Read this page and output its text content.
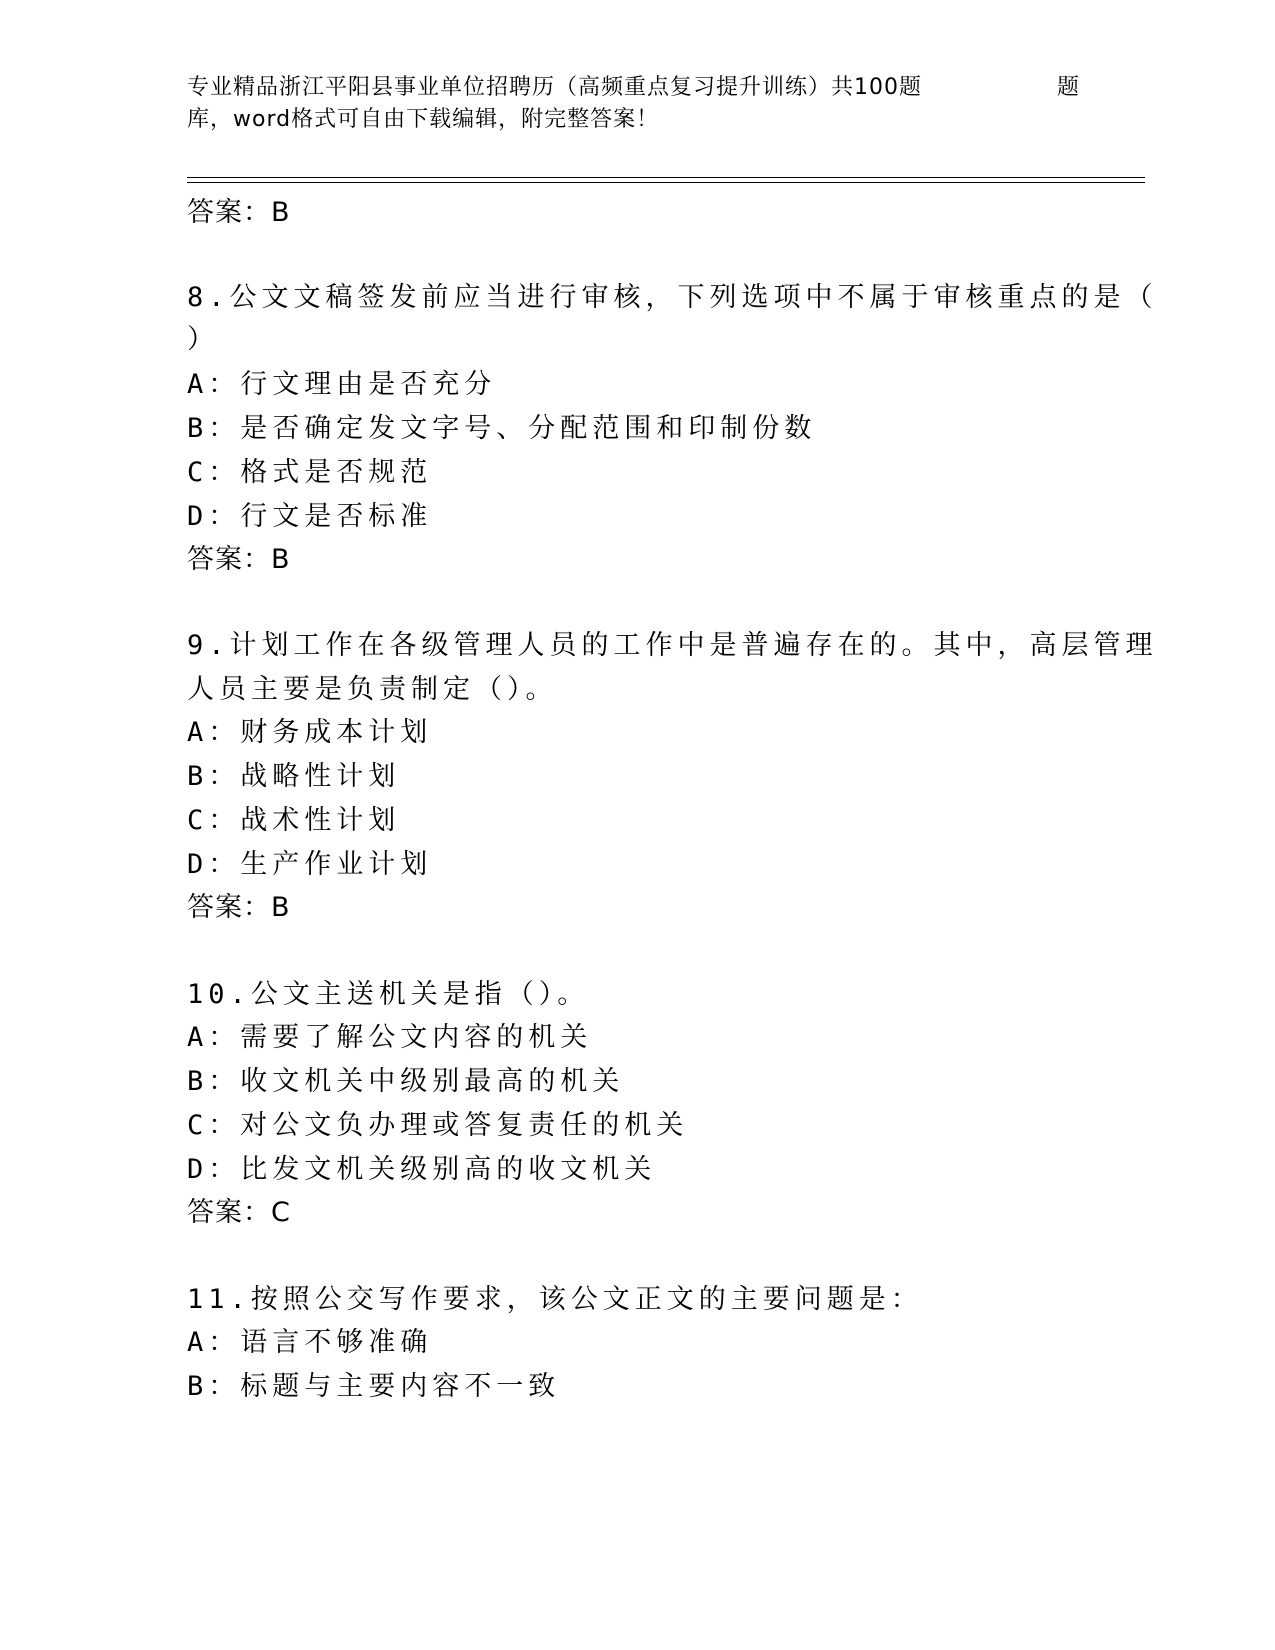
专业精品浙江平阳县事业单位招聘历（高频重点复习提升训练）共100题	题
库，word格式可自由下载编辑，附完整答案！
答案：B
8.公文文稿签发前应当进行审核，下列选项中不属于审核重点的是（
）
A：行文理由是否充分
B：是否确定发文字号、分配范围和印制份数
C：格式是否规范
D：行文是否标准
答案：B
9.计划工作在各级管理人员的工作中是普遍存在的。其中，高层管理
人员主要是负责制定（）。
A：财务成本计划
B：战略性计划
C：战术性计划
D：生产作业计划
答案：B
10.公文主送机关是指（）。
A：需要了解公文内容的机关
B：收文机关中级别最高的机关
C：对公文负办理或答复责任的机关
D：比发文机关级别高的收文机关
答案：C
11.按照公交写作要求，该公文正文的主要问题是：
A：语言不够准确
B：标题与主要内容不一致
